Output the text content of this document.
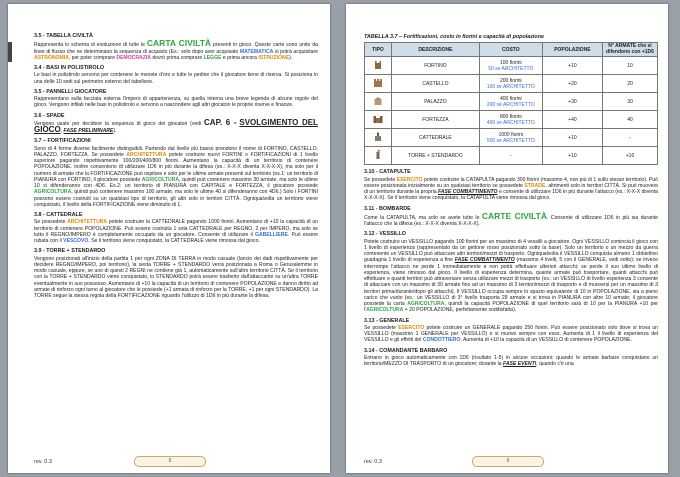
3.5 - TABELLA CIVILTÀ

Rappresenta lo schema di evoluzione di tutte le CARTA CIVILTÀ presenti in gioco. Queste carte sono unite da linee di flusso che ne determinano la sequenza di acquisto (Es.: solo dopo aver acquisato MATEMATICA si potrà acquisitare ASTRONOMIA, per poter comprare DEMOCRAZIA dovrò prima comprare LEGGE e prima ancora ISTRUZIONE).

3.4 - BASI IN POLISTIROLO

Le basi in polistirolo servono per contenere le monete d'oro e tutte le pedine che il giocatore tiene di riserva. Si posiziona in una delle 10 sedi sul perimetro esterno del tabellone.

3.5 - PANNELLI GIOCATORE

Rappresentano sulla facciata esterna l'impero di appartenenza, su quella interna una breve legenda di alcune regole del gioco. Vengono infilati nelle basi in polistirolo e servono a nascondere agli altri giocatori le proprie riserve e finanze.

3.6 - SPADE

Vengono usate per decidere la sequenza di gioco dei giocatori (vedi CAP. 6 - SVOLGIMENTO DEL GIOCO, FASE PRELIMINARE).

3.7 – FORTIFICAZIONI

Sono di 4 forme diverse facilmente distinguibili. Partendo dal livello più basso prendono il nome di FORTINO, CASTELLO, PALAZZO, FORTEZZA. Se possedete ARCHITETTURA potete costruire nuovi FORTINI o FORTIFICAZIONI di 1 livello superiore pagando rispettivamente 100/200/400/800 fiorini. Aumentano la capacità di un territorio di contenere POPOLAZIONE. Inoltre consentono di utilizzare 1D6 in più durante la difesa (es.: X-X-X diventa X-X-X-X), ma solo per il numero di armate che la FORTIFICAZIONE può ospitare e solo per le ultime armate presenti sul territorio (es.1: un territorio di PIANURA con FORTINO, il giocatore possiede AGRICOLTURA, quindi può contenere massimo 30 armate, ma solo le ultime 10 si difenderanno con 4D6. Es.2: un territorio di PIANURA con CAPITALE e FORTEZZA, il giocatore possiede AGRICOLTURA, quindi può contenere massimo 100 armate, ma solo le ultime 40 si difenderanno con 4D6.) Solo i FORTINI possono essere costruiti su un qualsiasi tipo di territorio, gli altri solo in territori CITTÀ. Ogniqualvolta un territorio viene conquistato, il livello della FORTIFICAZIONE viene diminuito di 1.

3.8 - CATTEDRALE

Se possedete ARCHITETTURA potete costruire la CATTEDRALE pagando 1000 fiorini. Aumentano di +10 la capacità di un territorio di contenere POPOLAZIONE. Può essere costruita 1 sola CATTEDRALE per REGNO, 2 per IMPERO, ma solo se tutto il REGNO/IMPERO è completamente occupato da un giocatore. Consente di utilizzare il GABELLIERE. Può essere rubata con il VESCOVO. Se il territorio viene conquistato, la CATTEDRALE viene rimossa dal gioco.

3.9 - TORRE + STENDARDO

Vengono posizionati all'inizio della partita 1 per ogni ZONA DI TERRA in modo casuale (lancio dei dadi rispettivamente per decidere REGNO/IMPERO, poi territorio), la sesta TORRE + STENDARDO verrà posizionata a Roma o Gerusalemme in modo casuale, eppure, se uno di questi 2 REGNI ne contiene già 1, automaticamente sull'altro territorio CITTÀ. Se il territorio con la TORRE + STENDARDO viene conquistato, lo STENDARDO potrà essere trasferito dall'attaccante su un'altra TORRE eventualmente in suo possesso. Aumentano di +10 la capacità di un territorio di contenere POPOLAZIONE e danno diritto ad armate di rinforzo ogni turno al giocatore che le possiede (+1 armata di rinforzo per la TORRE, +1 per ogni STENDARDO). La TORRE segue la stessa regola della FORTIFICAZIONE riguardo l'utilizzo di 1D6 in più durante la difesa.

rev. 0.3	5
TABELLA 3.7 – Fortificazioni, costo in fiorini e capacità di popolazione
TIPO	DESCRIZIONE	COSTO	POPOLAZIONE	N° ARMATE che si difendono con +1D6
	FORTINO	100 fiorini
50 se ARCHITETTO	+10	10
	CASTELLO	200 fiorini
100 se ARCHITETTO	+20	20
	PALAZZO	400 fiorini
200 se ARCHITETTO	+30	30
	FORTEZZA	800 fiorini
400 se ARCHITETTO	+40	40
	CATTEDRALE	1000 fiorini
500 se ARCHITETTO	+10	-
	TORRE + STENDARDO	-	+10	+10
3.10 - CATAPULTE

Se possedete ESERCITO potete costruire la CATAPULTA pagando 300 fiorini (massimo 4, non più di 1 sullo stesso territorio). Può essere posizionata inizialmente su un qualsiasi territorio se possedete STRADE, altrimenti solo in territori CITTÀ. Si può muovere di un territorio durante la propria FASE COMBATTIMENTO e consente di utilizzare 1D6 in più durante l'attacco (es.: X-X-X diventa X-X-X-X). Se il territorio viene conquistato, la CATAPULTA viene rimossa dal gioco.

3.11 - BOMBARDE

Come la CATAPULTA, ma solo se avete tutte le CARTE CIVILTÀ. Consente di utilizzare 1D6 in più sia durante l'attacco che la difesa (es.: X-X-X diventa X-X-X-X).

3.12 - VESSILLO

Potete costruire un VESSILLO pagando 100 fiorini per un massimo di 4 vessilli a giocatore. Ogni VESSILLO comincia il gioco con 1 livello di esperienza (rappresentato da un gettone rosso posizionato sotto la base). Solo un territorio o un mezzo da guerra contenente un VESSILLO può attaccare altri territori/mezzi di trasporto. Ogniqualvolta il VESSILLO conquista almeno 1 obbiettivo guadagna 1 livello di esperienza a fine FASE COMBATTIMENTO (massimo 4 livelli, 5 con il GENERALE, vedi sotto); se invece interrompe l'attacco ne perde 1 immediatamente e non potrà effettuare ulteriori attacchi; se perde il suo ultimo livello di esperienza, viene rimosso dal gioco. Il livello di esperienza determina, quante armate può trasportare, quanti attacchi può effettuare e quanti territori può attraversare senza utilizzare mezzi di trasporto (es.: un VESSILLO di livello esperienza 3 consente di attaccare con un massimo di 30 armate fino ad un massimo di 3 territori/mezzi di trasporto e di muoversi per un massimo di 3 territori prima/durante/dopo gli attacchi). Il VESSILLO occupa sempre lo spazio equivalente di 10 in POPOLAZIONE, sia a pieno carico che vuoto (es.: un VESSILLO di 3° livello trasporta 28 armate e si trova in PIANURA con altre 10 armate; il giocatore possiede la carta AGRICOLTURA, quindi la capacità POPOLAZIONE di quel territorio sarà di 10 per la PIANURA +10 per l'AGRICOLTURA + 20 POPOLAZIONE, perfettamente soddisfatta).

3.13 - GENERALE

Se possedete ESERCITO potete costruire un GENERALE pagando 250 fiorini. Può essere posizionato solo dove si trova un VESSILLO (massimo 1 GENERALE per VESSILLO) e si muove sempre con esso. Aumenta di 1 il livello di esperienza del VESSILLO e gli effetti del CONDOTTIERO. Aumenta di +10 la capacità di un VESSILLO di contenere POPOLAZIONE.

3.14 - COMANDANTE BARBARO

Entrano in gioco automaticamente con 1D6 (risultato 1-5) in alcune occasioni: quando le armate barbare conquistano un territorio/MEZZO DI TRASPORTO di un giocatore; durante la FASE EVENTI, quando c'è una

rev. 0.3	6
